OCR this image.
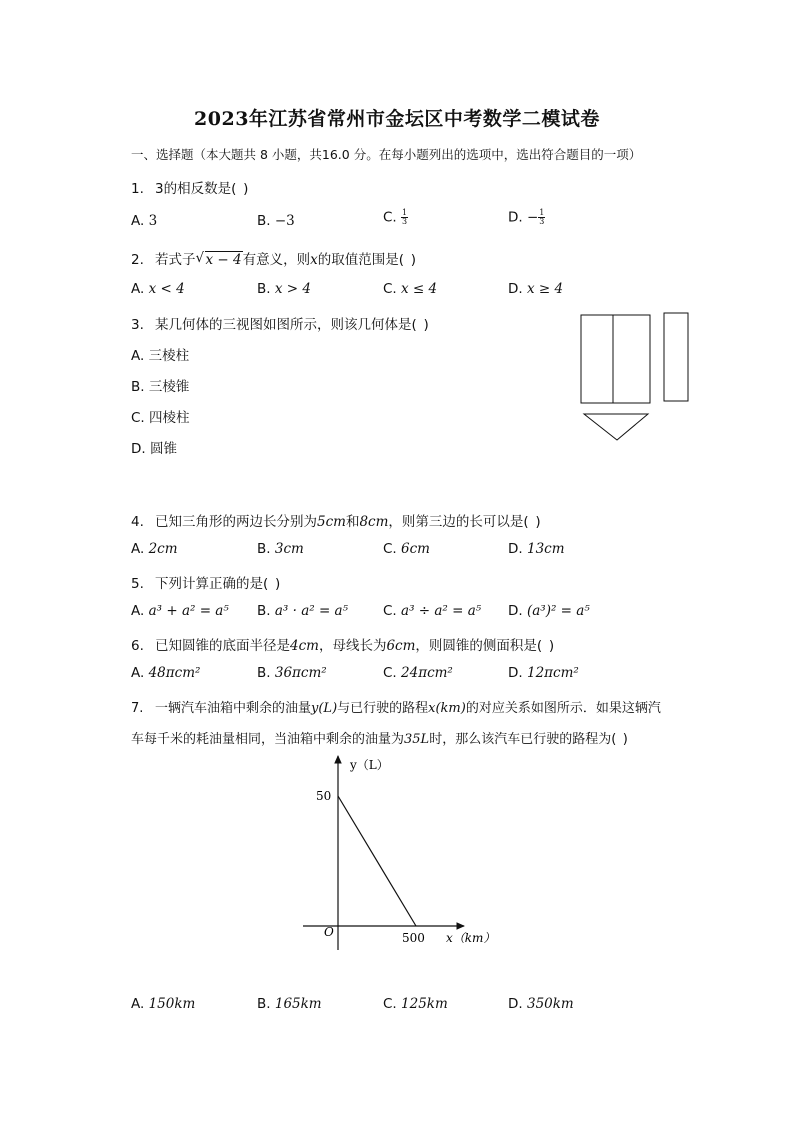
2023年江苏省常州市金坛区中考数学二模试卷
一、选择题（本大题共 8 小题，共16.0 分。在每小题列出的选项中，选出符合题目的一项）
1. 3的相反数是( )
A. 3	B. −3	C. $\frac{1}{3}$	D. − $\frac{1}{3}$
2. 若式子 √ x − 4有意义，则x的取值范围是( )
A. x < 4	B. x > 4	C. x ≤ 4	D. x ≥ 4
3. 某几何体的三视图如图所示，则该几何体是( )
A. 三棱柱
B. 三棱锥
C. 四棱柱
D. 圆锥
4. 已知三角形的两边长分别为5cm和8cm，则第三边的长可以是( )
A. 2cm	B. 3cm	C. 6cm	D. 13cm
5. 下列计算正确的是( )
A. a³ + a² = a⁵ B. a³ · a² = a⁵	C. a³ ÷ a² = a⁵ D. (a³)² = a⁵
6. 已知圆锥的底面半径是4cm，母线长为6cm，则圆锥的侧面积是( )
A. 48πcm²	B. 36πcm²	C. 24πcm²	D. 12πcm²
7. 一辆汽车油箱中剩余的油量y(L)与已行驶的路程x(km)的对应关系如图所示．如果这辆汽
车每千米的耗油量相同，当油箱中剩余的油量为35L时，那么该汽车已行驶的路程为( )
y（L）
50
500 x（km）
O
A. 150km	B. 165km	C. 125km	D. 350km
